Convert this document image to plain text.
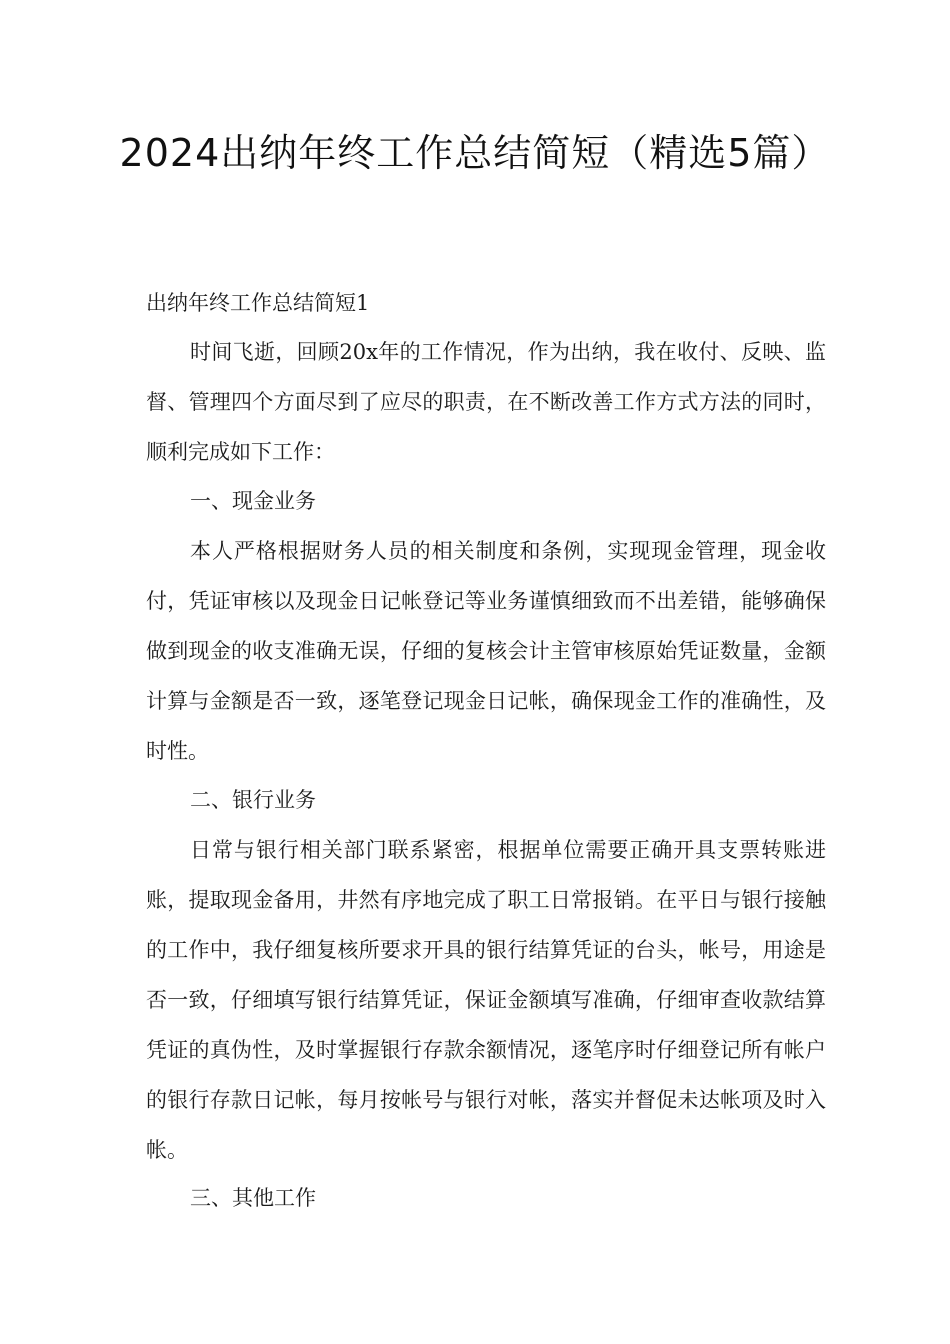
2024出纳年终工作总结简短（精选5篇）

出纳年终工作总结简短1

时间飞逝，回顾20x年的工作情况，作为出纳，我在收付、反映、监督、管理四个方面尽到了应尽的职责，在不断改善工作方式方法的同时，顺利完成如下工作：

一、现金业务

本人严格根据财务人员的相关制度和条例，实现现金管理，现金收付，凭证审核以及现金日记帐登记等业务谨慎细致而不出差错，能够确保做到现金的收支准确无误，仔细的复核会计主管审核原始凭证数量，金额计算与金额是否一致，逐笔登记现金日记帐，确保现金工作的准确性，及时性。

二、银行业务

日常与银行相关部门联系紧密，根据单位需要正确开具支票转账进账，提取现金备用，井然有序地完成了职工日常报销。在平日与银行接触的工作中，我仔细复核所要求开具的银行结算凭证的台头，帐号，用途是否一致，仔细填写银行结算凭证，保证金额填写准确，仔细审查收款结算凭证的真伪性，及时掌握银行存款余额情况，逐笔序时仔细登记所有帐户的银行存款日记帐，每月按帐号与银行对帐，落实并督促未达帐项及时入帐。

三、其他工作
